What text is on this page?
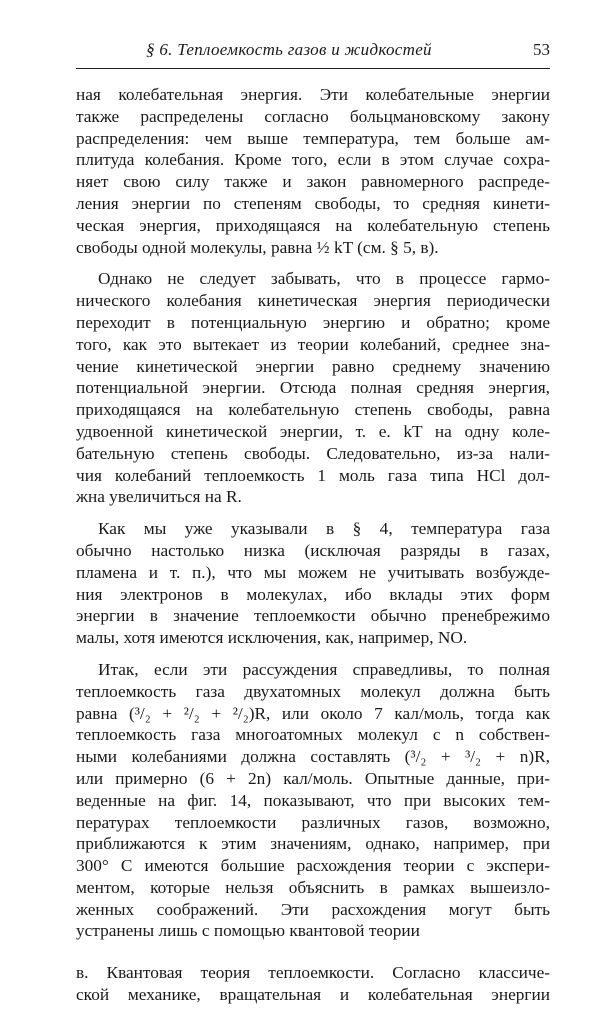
§ 6. Теплоемкость газов и жидкостей	53
ная колебательная энергия. Эти колебательные энергии
также распределены согласно больцмановскому закону
распределения: чем выше температура, тем больше ам-
плитуда колебания. Кроме того, если в этом случае сохра-
няет свою силу также и закон равномерного распреде-
ления энергии по степеням свободы, то средняя кинети-
ческая энергия, приходящаяся на колебательную степень
свободы одной молекулы, равна ½ kT (см. § 5, в).
Однако не следует забывать, что в процессе гармо-
нического колебания кинетическая энергия периодически
переходит в потенциальную энергию и обратно; кроме
того, как это вытекает из теории колебаний, среднее зна-
чение кинетической энергии равно среднему значению
потенциальной энергии. Отсюда полная средняя энергия,
приходящаяся на колебательную степень свободы, равна
удвоенной кинетической энергии, т. е. kT на одну коле-
бательную степень свободы. Следовательно, из-за нали-
чия колебаний теплоемкость 1 моль газа типа HCl дол-
жна увеличиться на R.
Как мы уже указывали в § 4, температура газа
обычно настолько низка (исключая разряды в газах,
пламена и т. п.), что мы можем не учитывать возбужде-
ния электронов в молекулах, ибо вклады этих форм
энергии в значение теплоемкости обычно пренебрежимо
малы, хотя имеются исключения, как, например, NO.
Итак, если эти рассуждения справедливы, то полная
теплоемкость газа двухатомных молекул должна быть
равна (³/₂ + ²/₂ + ²/₂)R, или около 7 кал/моль, тогда как
теплоемкость газа многоатомных молекул с n собствен-
ными колебаниями должна составлять (³/₂ + ³/₂ + n)R,
или примерно (6 + 2n) кал/моль. Опытные данные, при-
веденные на фиг. 14, показывают, что при высоких тем-
пературах теплоемкости различных газов, возможно,
приближаются к этим значениям, однако, например, при
300° С имеются большие расхождения теории с экспери-
ментом, которые нельзя объяснить в рамках вышеизло-
женных соображений. Эти расхождения могут быть
устранены лишь с помощью квантовой теории
в. Квантовая теория теплоемкости. Согласно классиче-
ской механике, вращательная и колебательная энергии
